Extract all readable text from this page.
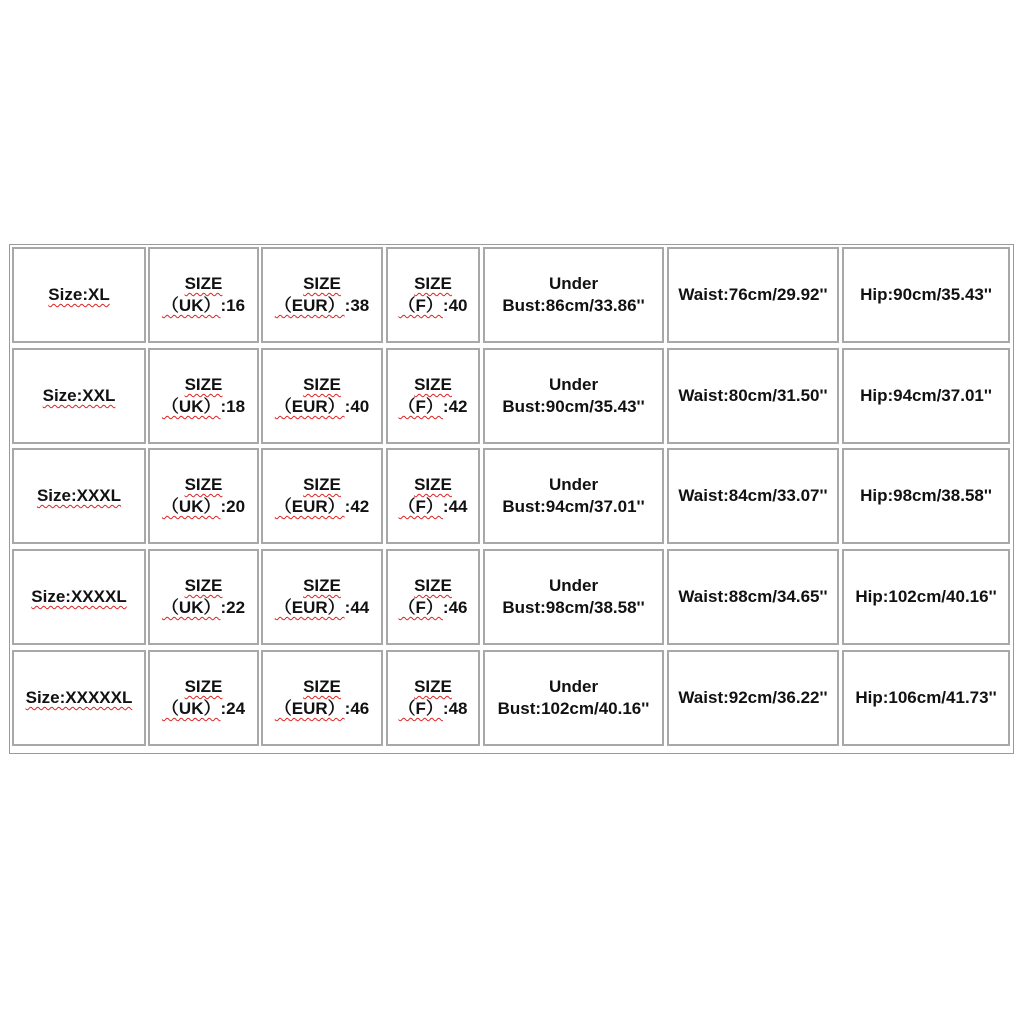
Size:XL
SIZE
（UK）:16
SIZE
（EUR）:38
SIZE
（F）:40
Under
Bust:86cm/33.86''
Waist:76cm/29.92'' Hip:90cm/35.43''
Size:XXL
SIZE
（UK）:18
SIZE
（EUR）:40
SIZE
（F）:42
Under
Bust:90cm/35.43''
Waist:80cm/31.50'' Hip:94cm/37.01''
Size:XXXL
SIZE
（UK）:20
SIZE
（EUR）:42
SIZE
（F）:44
Under
Bust:94cm/37.01''
Waist:84cm/33.07'' Hip:98cm/38.58''
Size:XXXXL
SIZE
（UK）:22
SIZE
（EUR）:44
SIZE
（F）:46
Under
Bust:98cm/38.58''
Waist:88cm/34.65'' Hip:102cm/40.16''
Size:XXXXXL
SIZE
（UK）:24
SIZE
（EUR）:46
SIZE
（F）:48
Under
Bust:102cm/40.16''
Waist:92cm/36.22'' Hip:106cm/41.73''
